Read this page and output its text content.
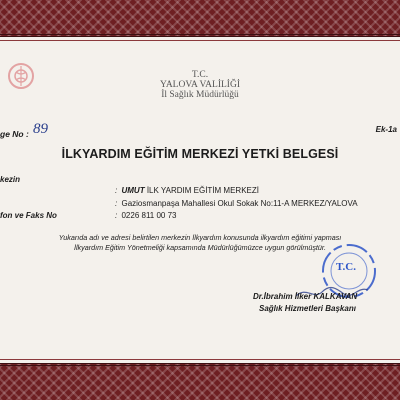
T.C.
YALOVA VALİLİĞİ
İl Sağlık Müdürlüğü
ge No : 89	Ek-1a
İLKYARDIM EĞİTİM MERKEZİ YETKİ BELGESİ
kezin
: UMUT İLK YARDIM EĞİTİM MERKEZİ
: Gaziosmanpaşa Mahallesi Okul Sokak No:11-A MERKEZ/YALOVA
fon ve Faks No	: 0226 811 00 73
Yukarıda adı ve adresi belirtilen merkezin İlkyardım konusunda ilkyardım eğitimi yapması
İlkyardım Eğitim Yönetmeliği kapsamında Müdürlüğümüzce uygun görülmüştür.
T.C.
Dr.İbrahim İlker KALKAVAN
Sağlık Hizmetleri Başkanı
